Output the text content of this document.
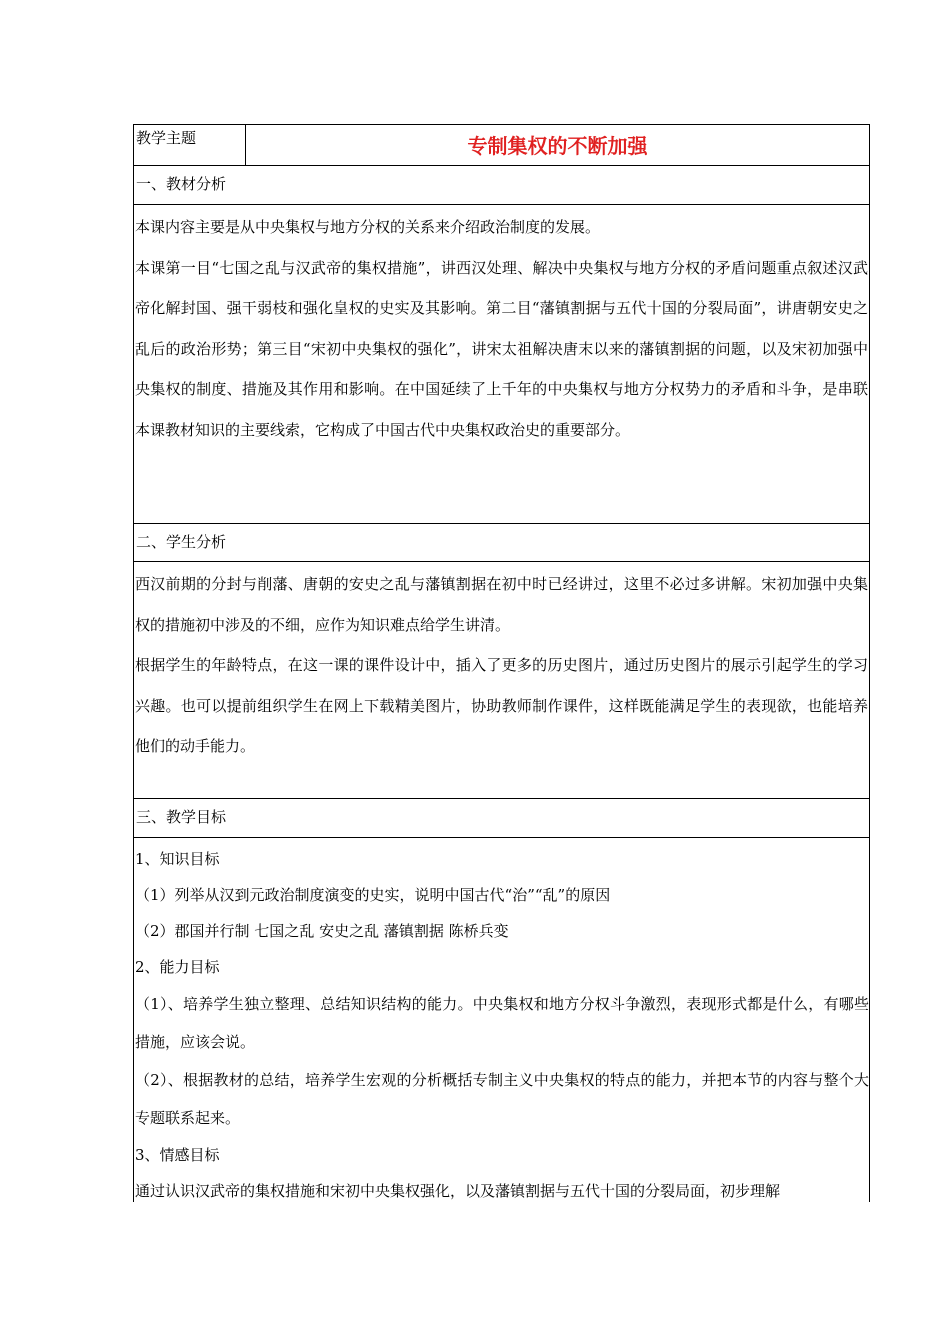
教学主题	专制集权的不断加强
一、教材分析

本课内容主要是从中央集权与地方分权的关系来介绍政治制度的发展。

本课第一目“七国之乱与汉武帝的集权措施”，讲西汉处理、解决中央集权与地方分权的矛盾问题重点叙述汉武帝化解封国、强干弱枝和强化皇权的史实及其影响。第二目“藩镇割据与五代十国的分裂局面”，讲唐朝安史之乱后的政治形势；第三目“宋初中央集权的强化”，讲宋太祖解决唐末以来的藩镇割据的问题，以及宋初加强中央集权的制度、措施及其作用和影响。在中国延续了上千年的中央集权与地方分权势力的矛盾和斗争，是串联本课教材知识的主要线索，它构成了中国古代中央集权政治史的重要部分。

二、学生分析

西汉前期的分封与削藩、唐朝的安史之乱与藩镇割据在初中时已经讲过，这里不必过多讲解。宋初加强中央集权的措施初中涉及的不细，应作为知识难点给学生讲清。

根据学生的年龄特点，在这一课的课件设计中，插入了更多的历史图片，通过历史图片的展示引起学生的学习兴趣。也可以提前组织学生在网上下载精美图片，协助教师制作课件，这样既能满足学生的表现欲，也能培养他们的动手能力。

三、教学目标

1、知识目标

（1）列举从汉到元政治制度演变的史实，说明中国古代“治”“乱”的原因

（2）郡国并行制 七国之乱 安史之乱 藩镇割据 陈桥兵变

2、能力目标

（1）、培养学生独立整理、总结知识结构的能力。中央集权和地方分权斗争激烈，表现形式都是什么，有哪些措施，应该会说。

（2）、根据教材的总结，培养学生宏观的分析概括专制主义中央集权的特点的能力，并把本节的内容与整个大专题联系起来。

3、情感目标

通过认识汉武帝的集权措施和宋初中央集权强化，以及藩镇割据与五代十国的分裂局面，初步理解
